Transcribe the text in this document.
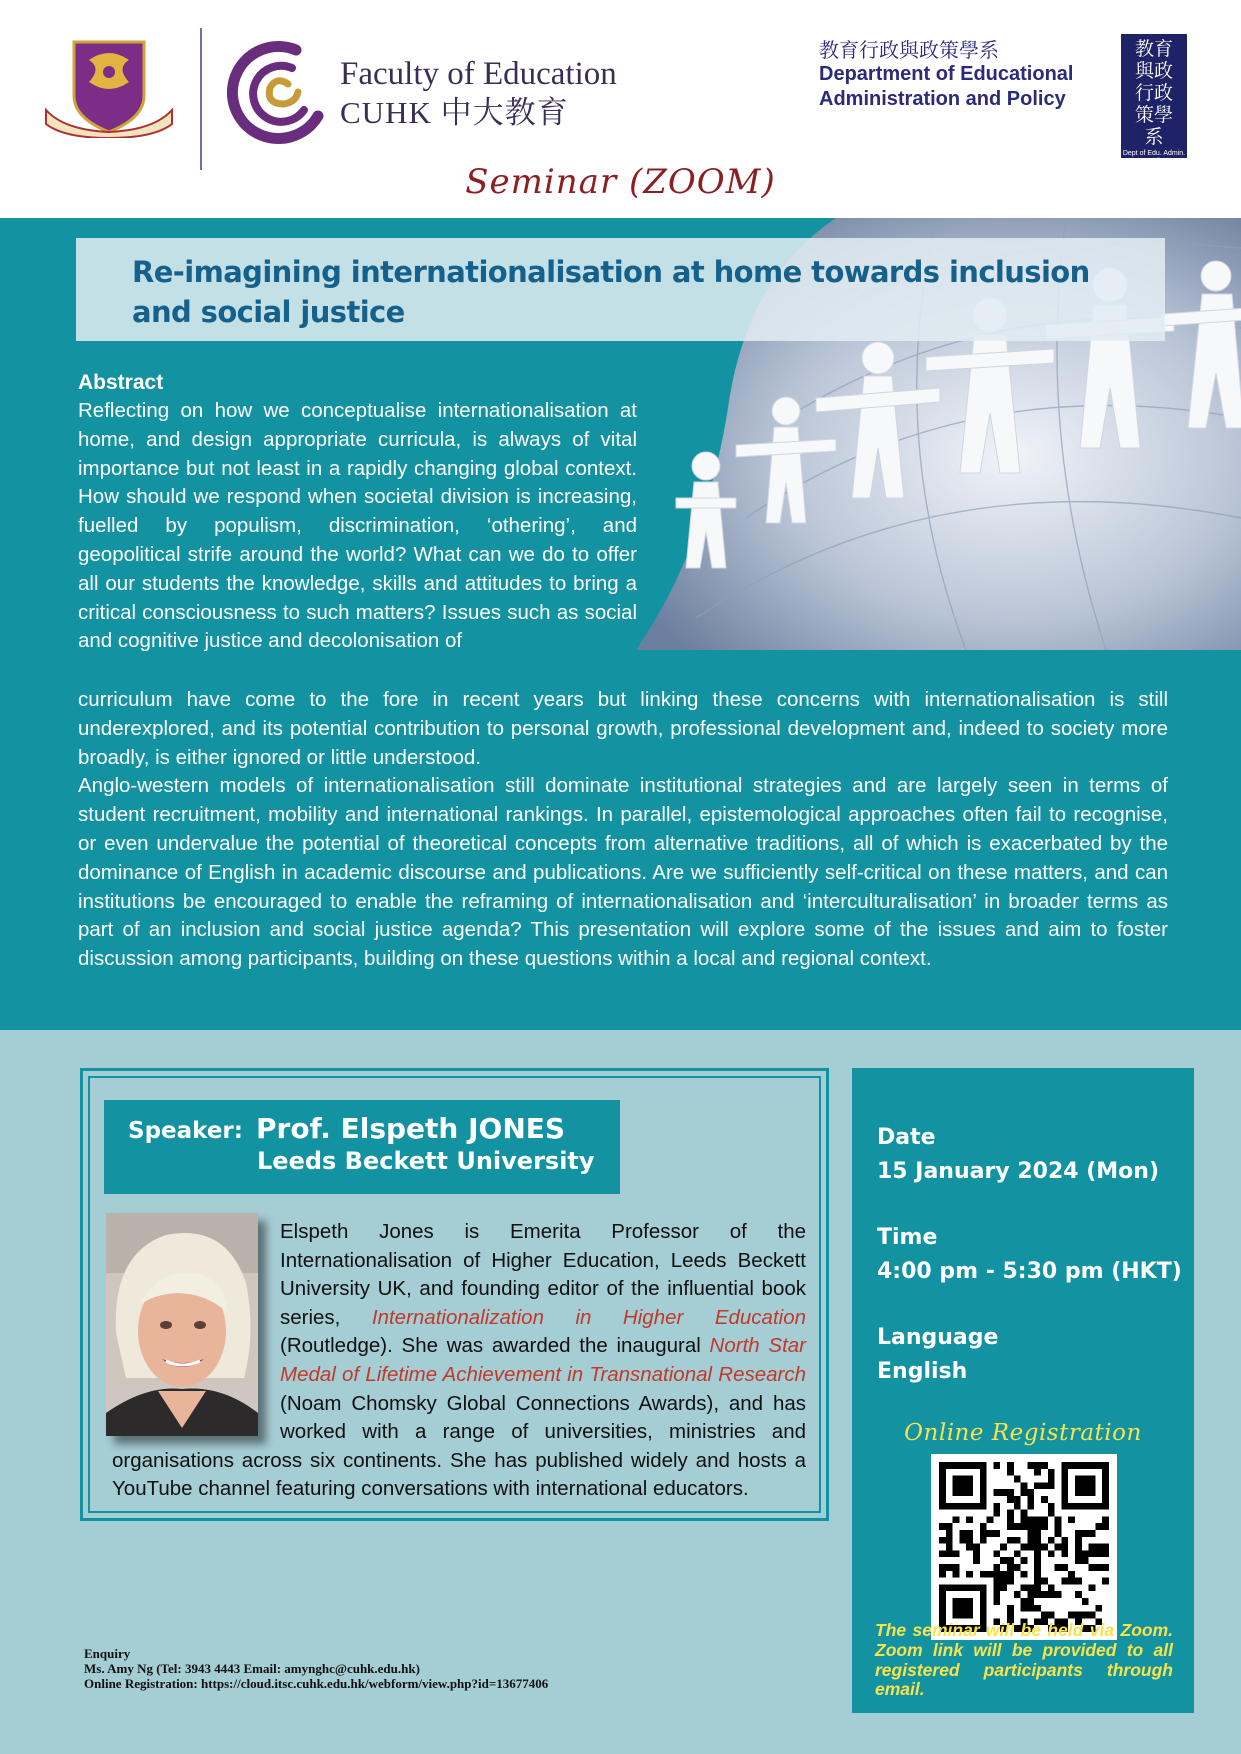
Faculty of Education
CUHK 中大教育
教育行政與政策學系
Department of Educational
Administration and Policy
教育與政行政策學系
Dept of Edu. Admin. & Policy
Seminar (ZOOM)
Re-imagining internationalisation at home towards inclusion and social justice
Abstract
Reflecting on how we conceptualise internationalisation at home, and design appropriate curricula, is always of vital importance but not least in a rapidly changing global context. How should we respond when societal division is increasing, fuelled by populism, discrimination, ‘othering’, and geopolitical strife around the world? What can we do to offer all our students the knowledge, skills and attitudes to bring a critical consciousness to such matters? Issues such as social and cognitive justice and decolonisation of

curriculum have come to the fore in recent years but linking these concerns with internationalisation is still underexplored, and its potential contribution to personal growth, professional development and, indeed to society more broadly, is either ignored or little understood.

Anglo-western models of internationalisation still dominate institutional strategies and are largely seen in terms of student recruitment, mobility and international rankings. In parallel, epistemological approaches often fail to recognise, or even undervalue the potential of theoretical concepts from alternative traditions, all of which is exacerbated by the dominance of English in academic discourse and publications. Are we sufficiently self-critical on these matters, and can institutions be encouraged to enable the reframing of internationalisation and ‘interculturalisation’ in broader terms as part of an inclusion and social justice agenda? This presentation will explore some of the issues and aim to foster discussion among participants, building on these questions within a local and regional context.

Speaker: Prof. Elspeth JONES
Leeds Beckett University
Elspeth Jones is Emerita Professor of the Internationalisation of Higher Education, Leeds Beckett University UK, and founding editor of the influential book series, Internationalization in Higher Education (Routledge). She was awarded the inaugural North Star Medal of Lifetime Achievement in Transnational Research (Noam Chomsky Global Connections Awards), and has worked with a range of universities, ministries and organisations across six continents. She has published widely and hosts a YouTube channel featuring conversations with international educators.
Date
15 January 2024 (Mon)
Time
4:00 pm - 5:30 pm (HKT)
Language
English
Online Registration
The seminar will be held via Zoom. Zoom link will be provided to all registered participants through email.
Enquiry
Ms. Amy Ng (Tel: 3943 4443 Email: amynghc@cuhk.edu.hk)
Online Registration: https://cloud.itsc.cuhk.edu.hk/webform/view.php?id=13677406
